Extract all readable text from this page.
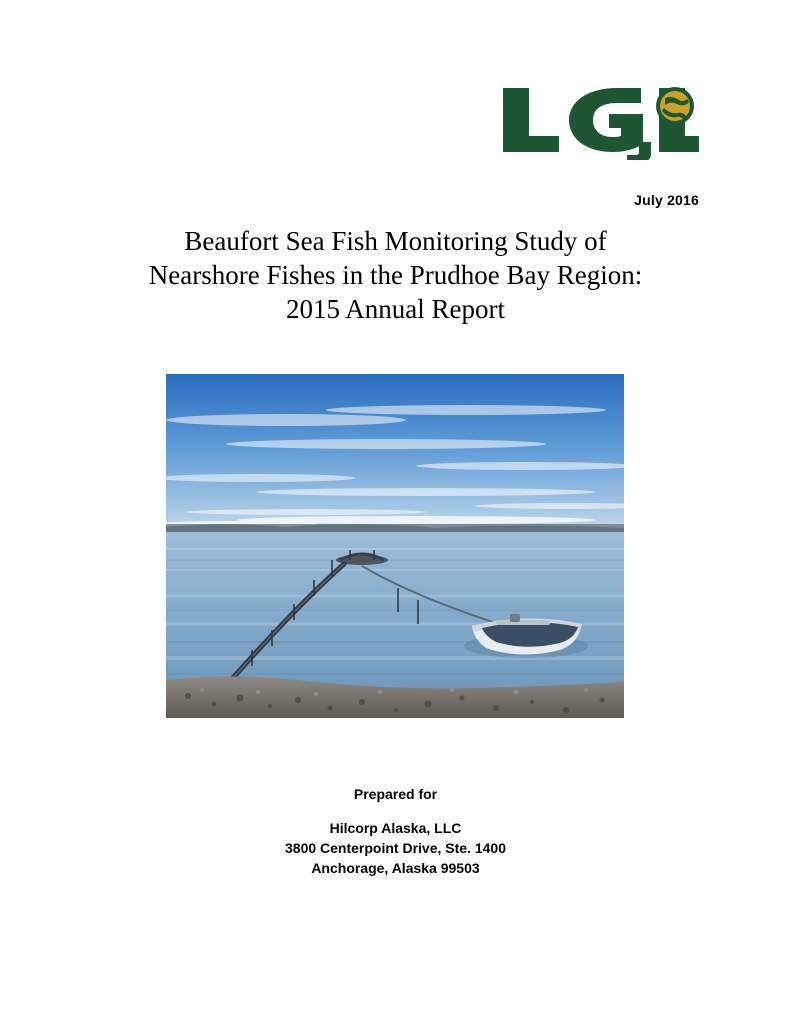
July 2016
Beaufort Sea Fish Monitoring Study of
Nearshore Fishes in the Prudhoe Bay Region:
2015 Annual Report
Prepared for
Hilcorp Alaska, LLC
3800 Centerpoint Drive, Ste. 1400
Anchorage, Alaska 99503
